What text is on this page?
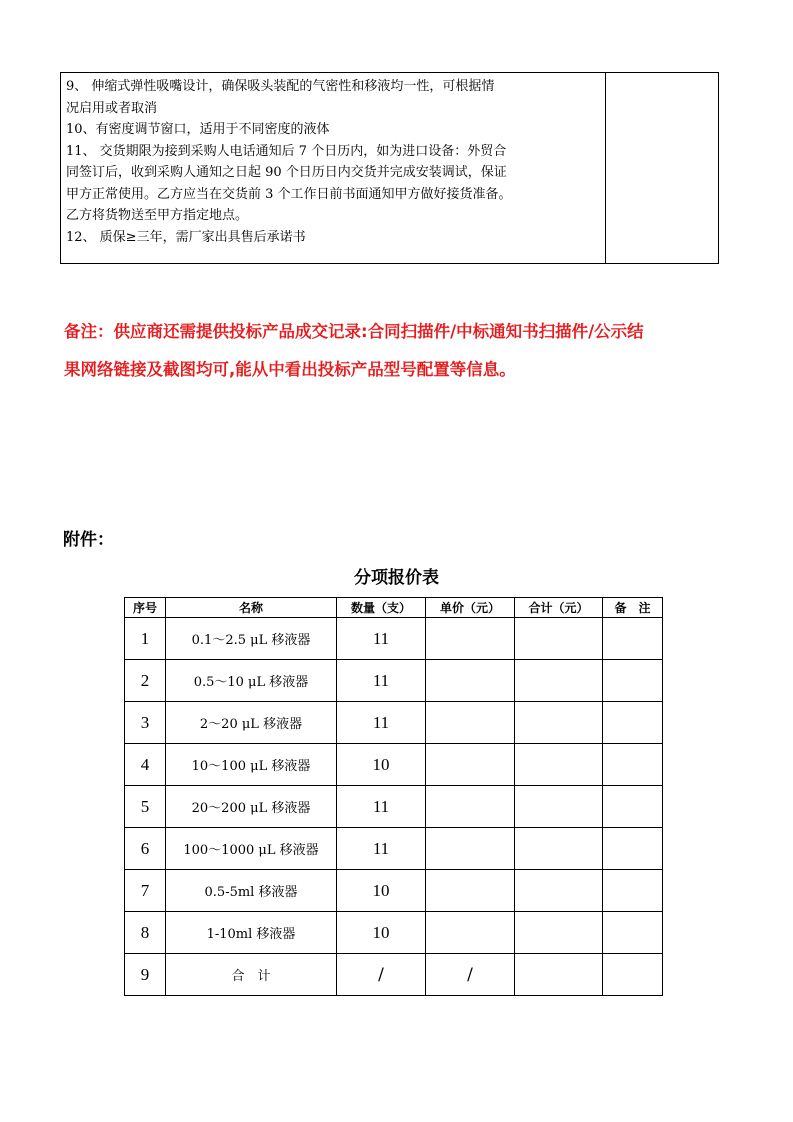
9、 伸缩式弹性吸嘴设计，确保吸头装配的气密性和移液均一性，可根据情
况启用或者取消
10、有密度调节窗口，适用于不同密度的液体
11、 交货期限为接到采购人电话通知后 7 个日历内，如为进口设备：外贸合
同签订后，收到采购人通知之日起 90 个日历日内交货并完成安装调试，保证
甲方正常使用。乙方应当在交货前 3 个工作日前书面通知甲方做好接货准备。
乙方将货物送至甲方指定地点。
12、 质保≥三年，需厂家出具售后承诺书
备注：供应商还需提供投标产品成交记录:合同扫描件/中标通知书扫描件/公示结
果网络链接及截图均可,能从中看出投标产品型号配置等信息。
附件：
分项报价表
序号	名称	数量（支）	单价（元）	合计（元）	备　注
1	0.1～2.5 μL 移液器	11			
2	0.5～10 μL 移液器	11			
3	2～20 μL 移液器	11			
4	10～100 μL 移液器	10			
5	20～200 μL 移液器	11			
6	100～1000 μL 移液器	11			
7	0.5-5ml 移液器	10			
8	1-10ml 移液器	10			
9	合　计	/	/		
